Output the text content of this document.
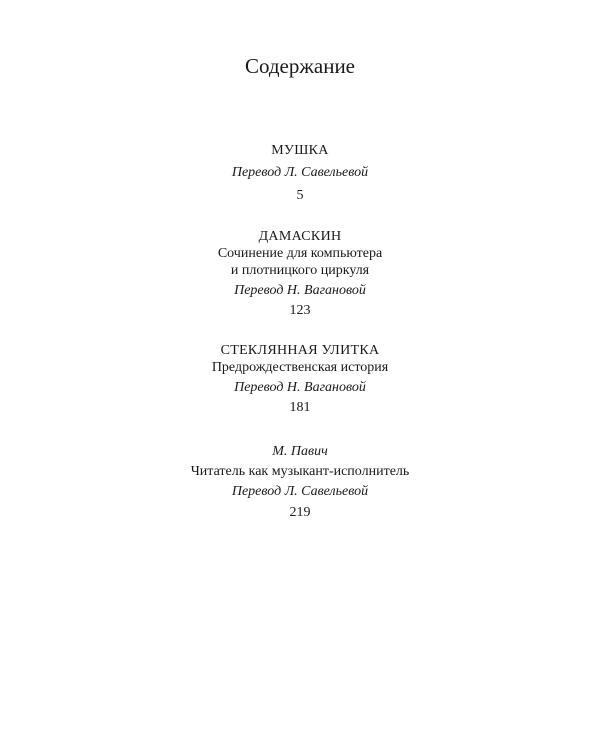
Содержание
МУШКА
Перевод Л. Савельевой
5
ДАМАСКИН
Сочинение для компьютера
и плотницкого циркуля
Перевод Н. Вагановой
123
СТЕКЛЯННАЯ УЛИТКА
Предрождественская история
Перевод Н. Вагановой
181
М. Павич
Читатель как музыкант-исполнитель
Перевод Л. Савельевой
219
